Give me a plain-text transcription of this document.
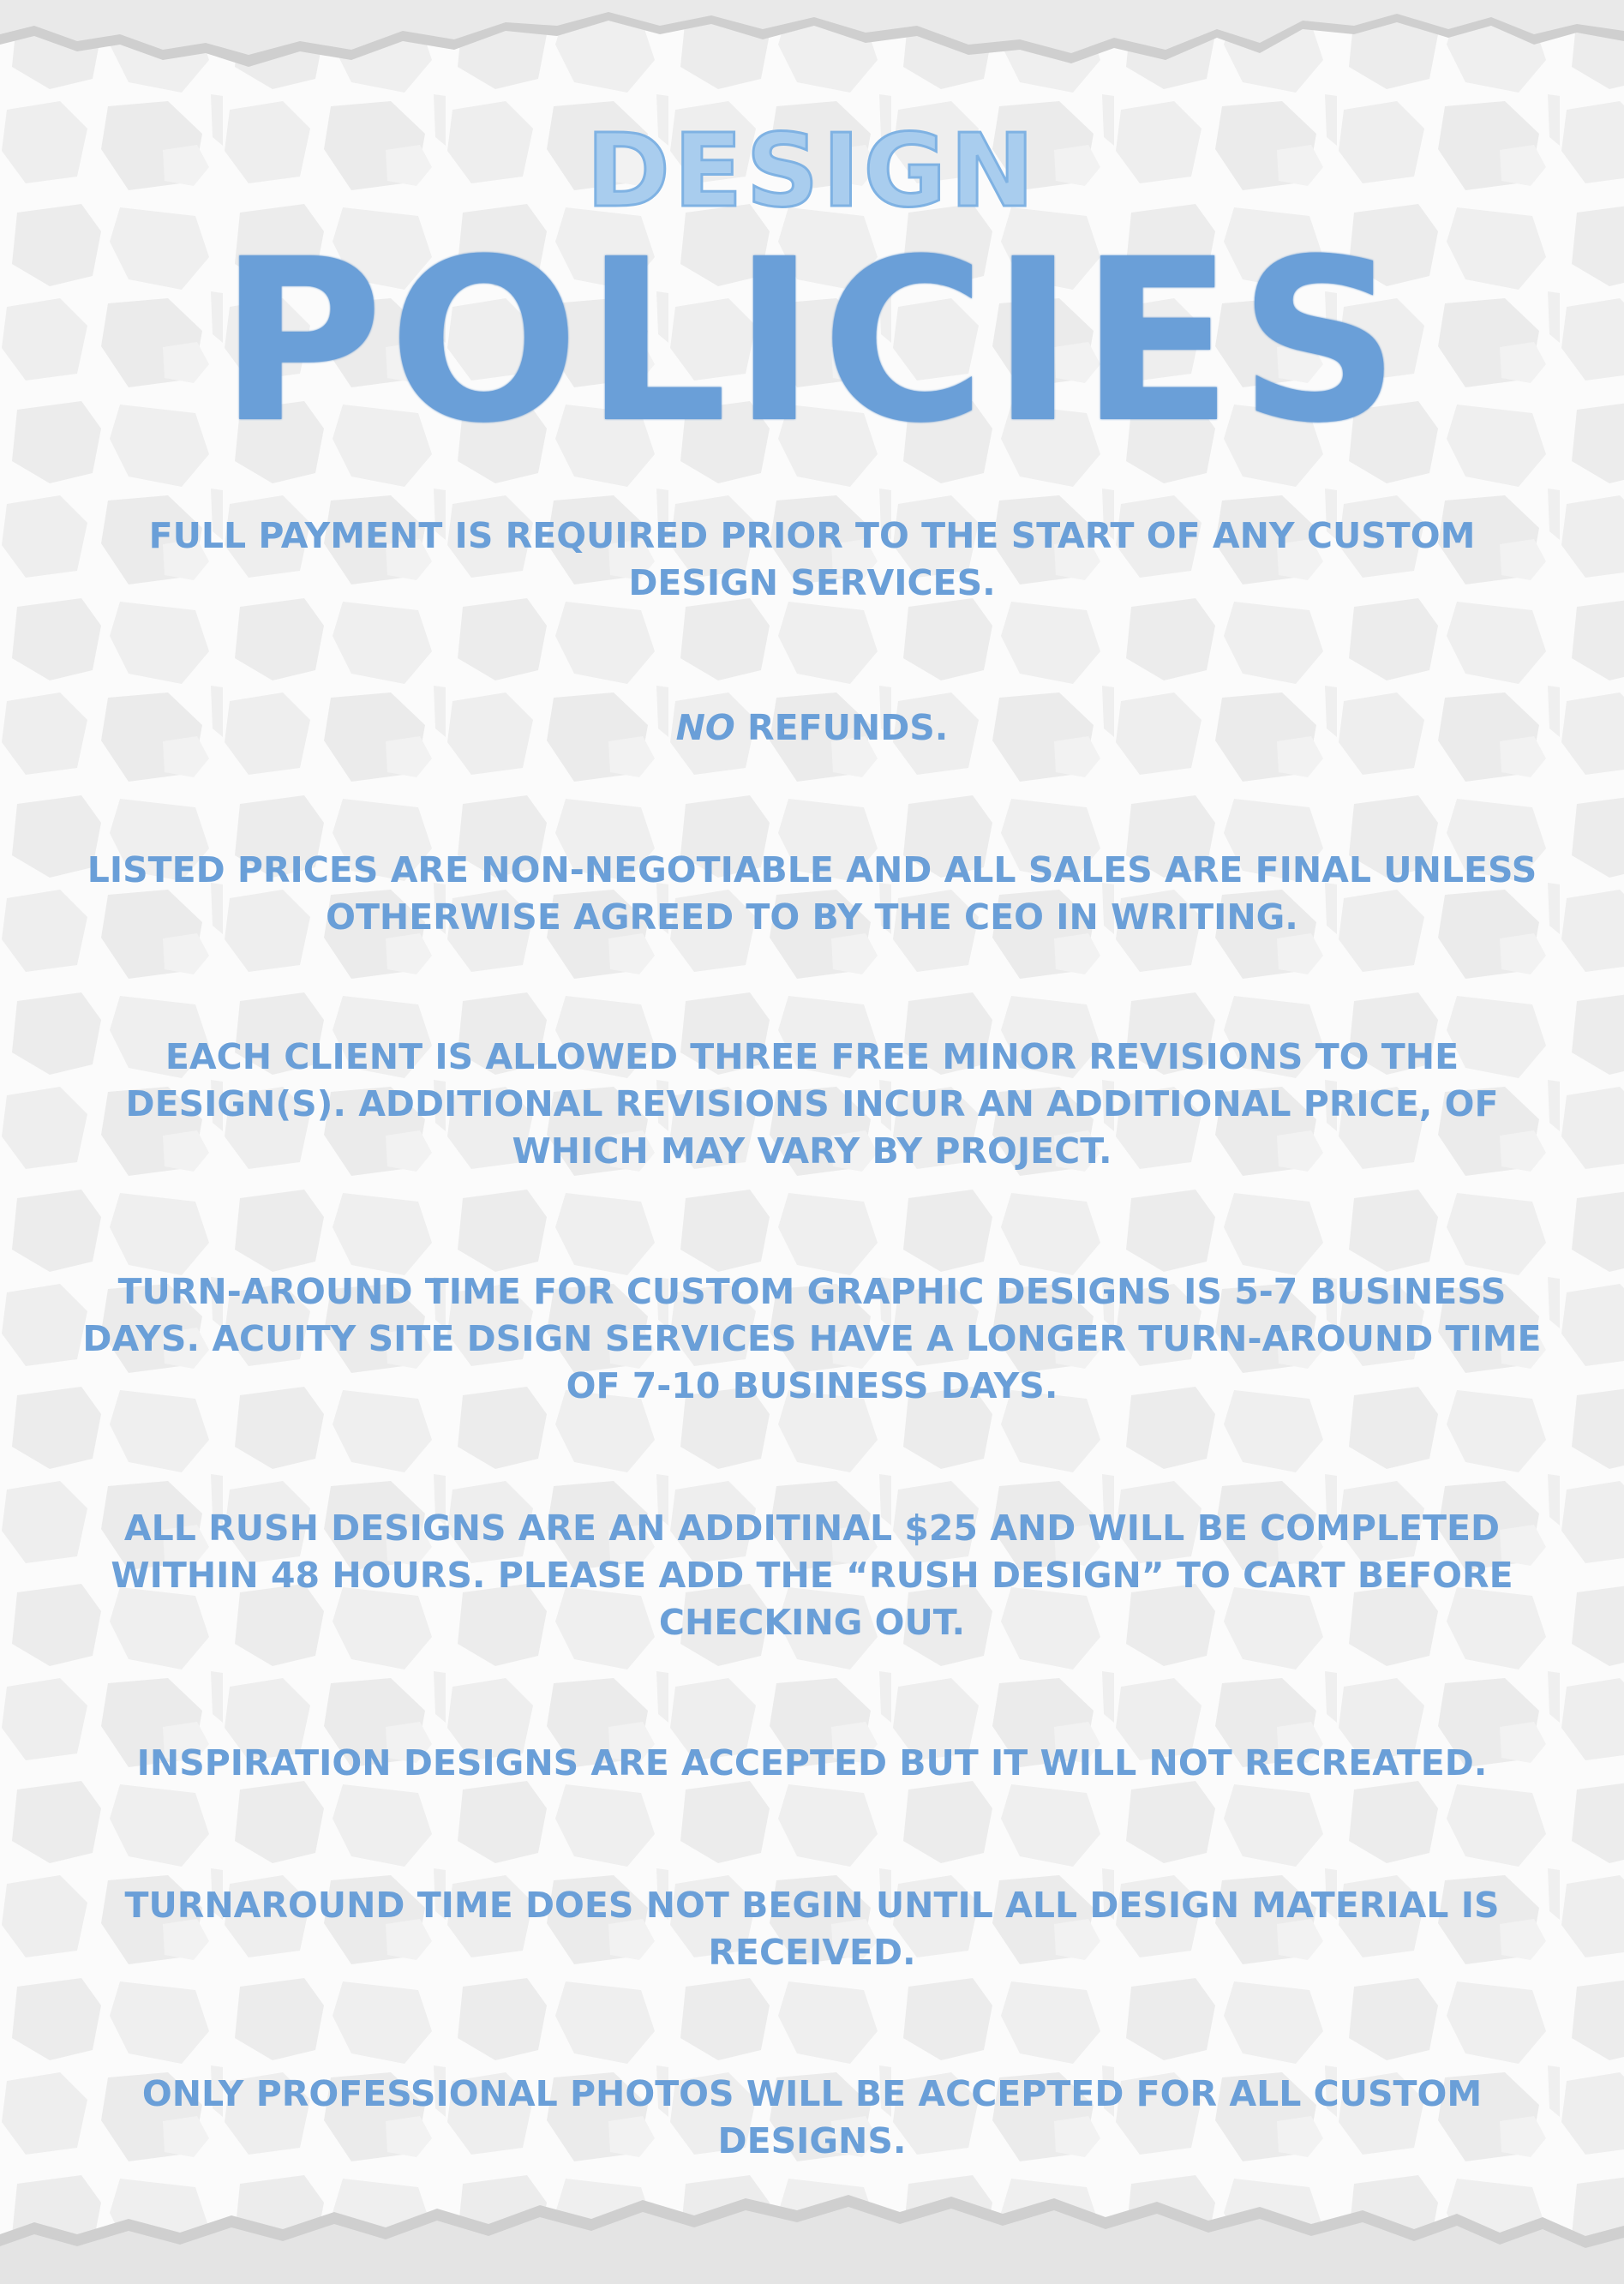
DESIGN
POLICIES
FULL PAYMENT IS REQUIRED PRIOR TO THE START OF ANY CUSTOM DESIGN SERVICES.
NO REFUNDS.
LISTED PRICES ARE NON-NEGOTIABLE AND ALL SALES ARE FINAL UNLESS OTHERWISE AGREED TO BY THE CEO IN WRITING.
EACH CLIENT IS ALLOWED THREE FREE MINOR REVISIONS TO THE DESIGN(S). ADDITIONAL REVISIONS INCUR AN ADDITIONAL PRICE, OF WHICH MAY VARY BY PROJECT.
TURN-AROUND TIME FOR CUSTOM GRAPHIC DESIGNS IS 5-7 BUSINESS DAYS. ACUITY SITE DSIGN SERVICES HAVE A LONGER TURN-AROUND TIME OF 7-10 BUSINESS DAYS.
ALL RUSH DESIGNS ARE AN ADDITINAL $25 AND WILL BE COMPLETED WITHIN 48 HOURS. PLEASE ADD THE “RUSH DESIGN” TO CART BEFORE CHECKING OUT.
INSPIRATION DESIGNS ARE ACCEPTED BUT IT WILL NOT RECREATED.
TURNAROUND TIME DOES NOT BEGIN UNTIL ALL DESIGN MATERIAL IS RECEIVED.
ONLY PROFESSIONAL PHOTOS WILL BE ACCEPTED FOR ALL CUSTOM DESIGNS.
